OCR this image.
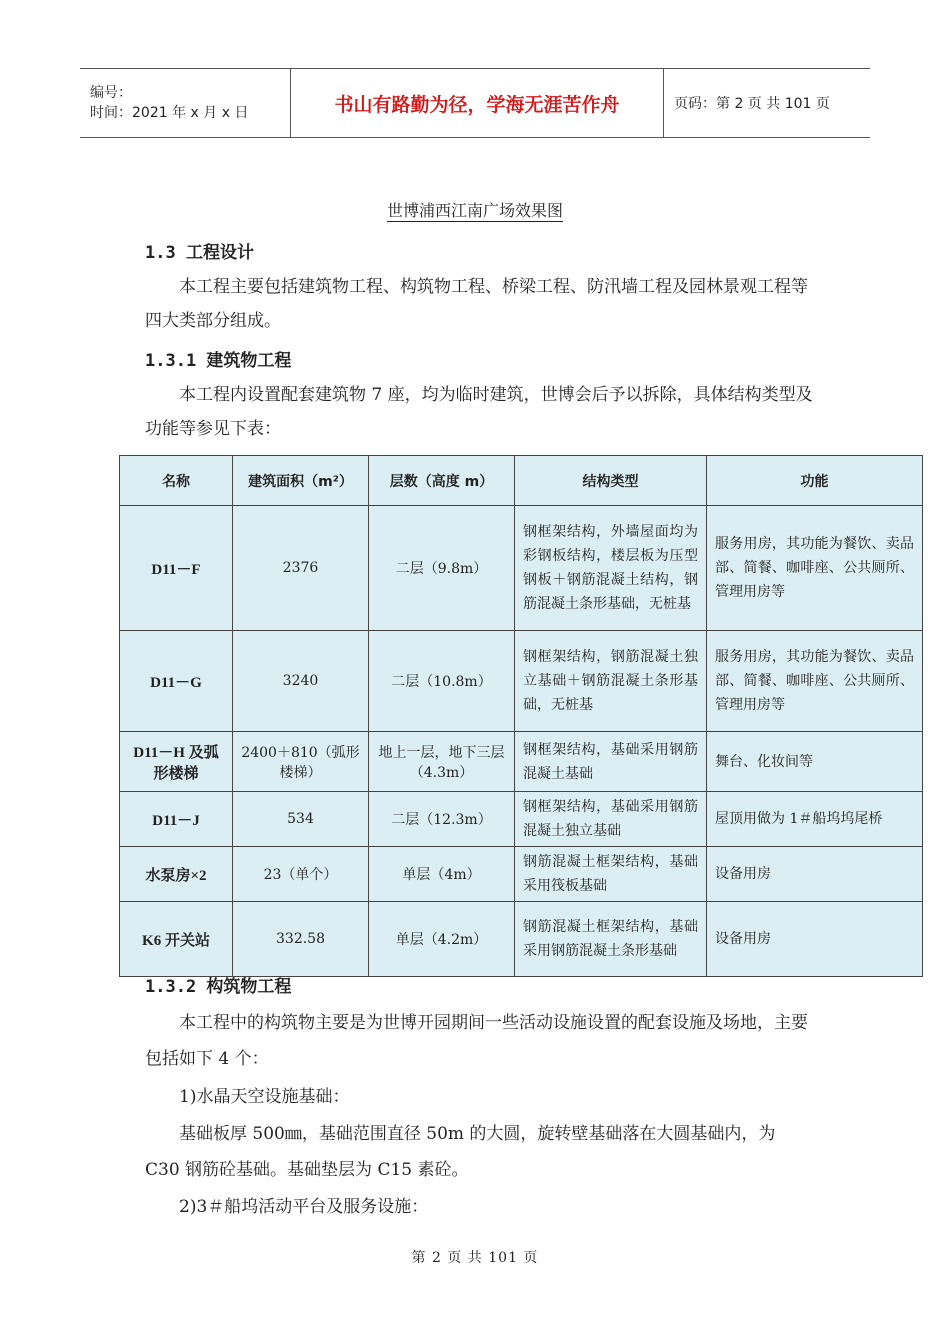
编号：
时间：2021 年 x 月 x 日	书山有路勤为径，学海无涯苦作舟	页码：第 2 页 共 101 页
世博浦西江南广场效果图
1.3 工程设计
本工程主要包括建筑物工程、构筑物工程、桥梁工程、防汛墙工程及园林景观工程等四大类部分组成。
1.3.1 建筑物工程
本工程内设置配套建筑物 7 座，均为临时建筑，世博会后予以拆除，具体结构类型及功能等参见下表：
名称	建筑面积（m²）	层数（高度 m）	结构类型	功能
D11－F	2376	二层（9.8m）	钢框架结构，外墙屋面均为彩钢板结构，楼层板为压型钢板＋钢筋混凝土结构，钢筋混凝土条形基础，无桩基	服务用房，其功能为餐饮、卖品部、简餐、咖啡座、公共厕所、管理用房等
D11－G	3240	二层（10.8m）	钢框架结构，钢筋混凝土独立基础＋钢筋混凝土条形基础，无桩基	服务用房，其功能为餐饮、卖品部、简餐、咖啡座、公共厕所、管理用房等
D11－H 及弧形楼梯	2400＋810（弧形楼梯）	地上一层，地下三层（4.3m）	钢框架结构，基础采用钢筋混凝土基础	舞台、化妆间等
D11－J	534	二层（12.3m）	钢框架结构，基础采用钢筋混凝土独立基础	屋顶用做为 1＃船坞坞尾桥
水泵房×2	23（单个）	单层（4m）	钢筋混凝土框架结构，基础采用筏板基础	设备用房
K6 开关站	332.58	单层（4.2m）	钢筋混凝土框架结构，基础采用钢筋混凝土条形基础	设备用房
1.3.2 构筑物工程
本工程中的构筑物主要是为世博开园期间一些活动设施设置的配套设施及场地，主要包括如下 4 个：
1)水晶天空设施基础：
基础板厚 500㎜，基础范围直径 50m 的大圆，旋转壁基础落在大圆基础内，为 C30 钢筋砼基础。基础垫层为 C15 素砼。
2)3＃船坞活动平台及服务设施：
第 2 页 共 101 页
